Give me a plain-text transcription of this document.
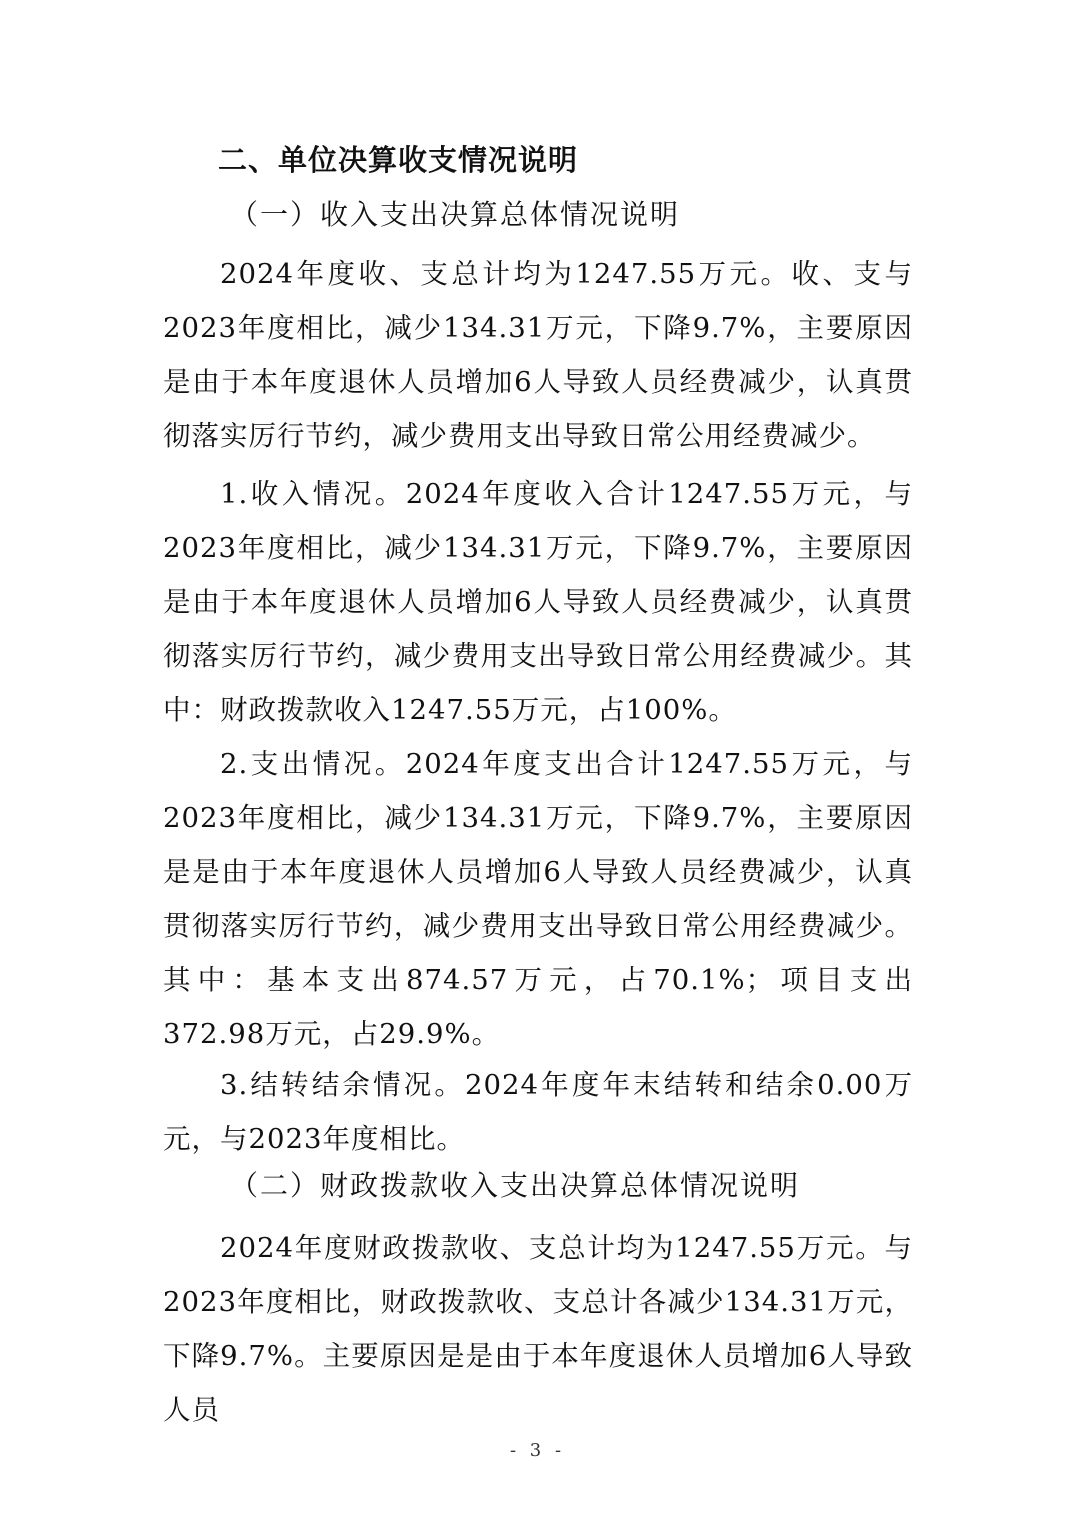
二、单位决算收支情况说明
（一）收入支出决算总体情况说明
2024年度收、支总计均为1247.55万元。收、支与2023年度相比，减少134.31万元，下降9.7%，主要原因是由于本年度退休人员增加6人导致人员经费减少，认真贯彻落实厉行节约，减少费用支出导致日常公用经费减少。
1.收入情况。2024年度收入合计1247.55万元，与2023年度相比，减少134.31万元，下降9.7%，主要原因是由于本年度退休人员增加6人导致人员经费减少，认真贯彻落实厉行节约，减少费用支出导致日常公用经费减少。其中：财政拨款收入1247.55万元，占100%。
2.支出情况。2024年度支出合计1247.55万元，与2023年度相比，减少134.31万元，下降9.7%，主要原因是是由于本年度退休人员增加6人导致人员经费减少，认真贯彻落实厉行节约，减少费用支出导致日常公用经费减少。其中：基本支出874.57万元，占70.1%；项目支出372.98万元，占29.9%。
3.结转结余情况。2024年度年末结转和结余0.00万元，与2023年度相比。
（二）财政拨款收入支出决算总体情况说明
2024年度财政拨款收、支总计均为1247.55万元。与2023年度相比，财政拨款收、支总计各减少134.31万元，下降9.7%。主要原因是是由于本年度退休人员增加6人导致人员
- 3 -
